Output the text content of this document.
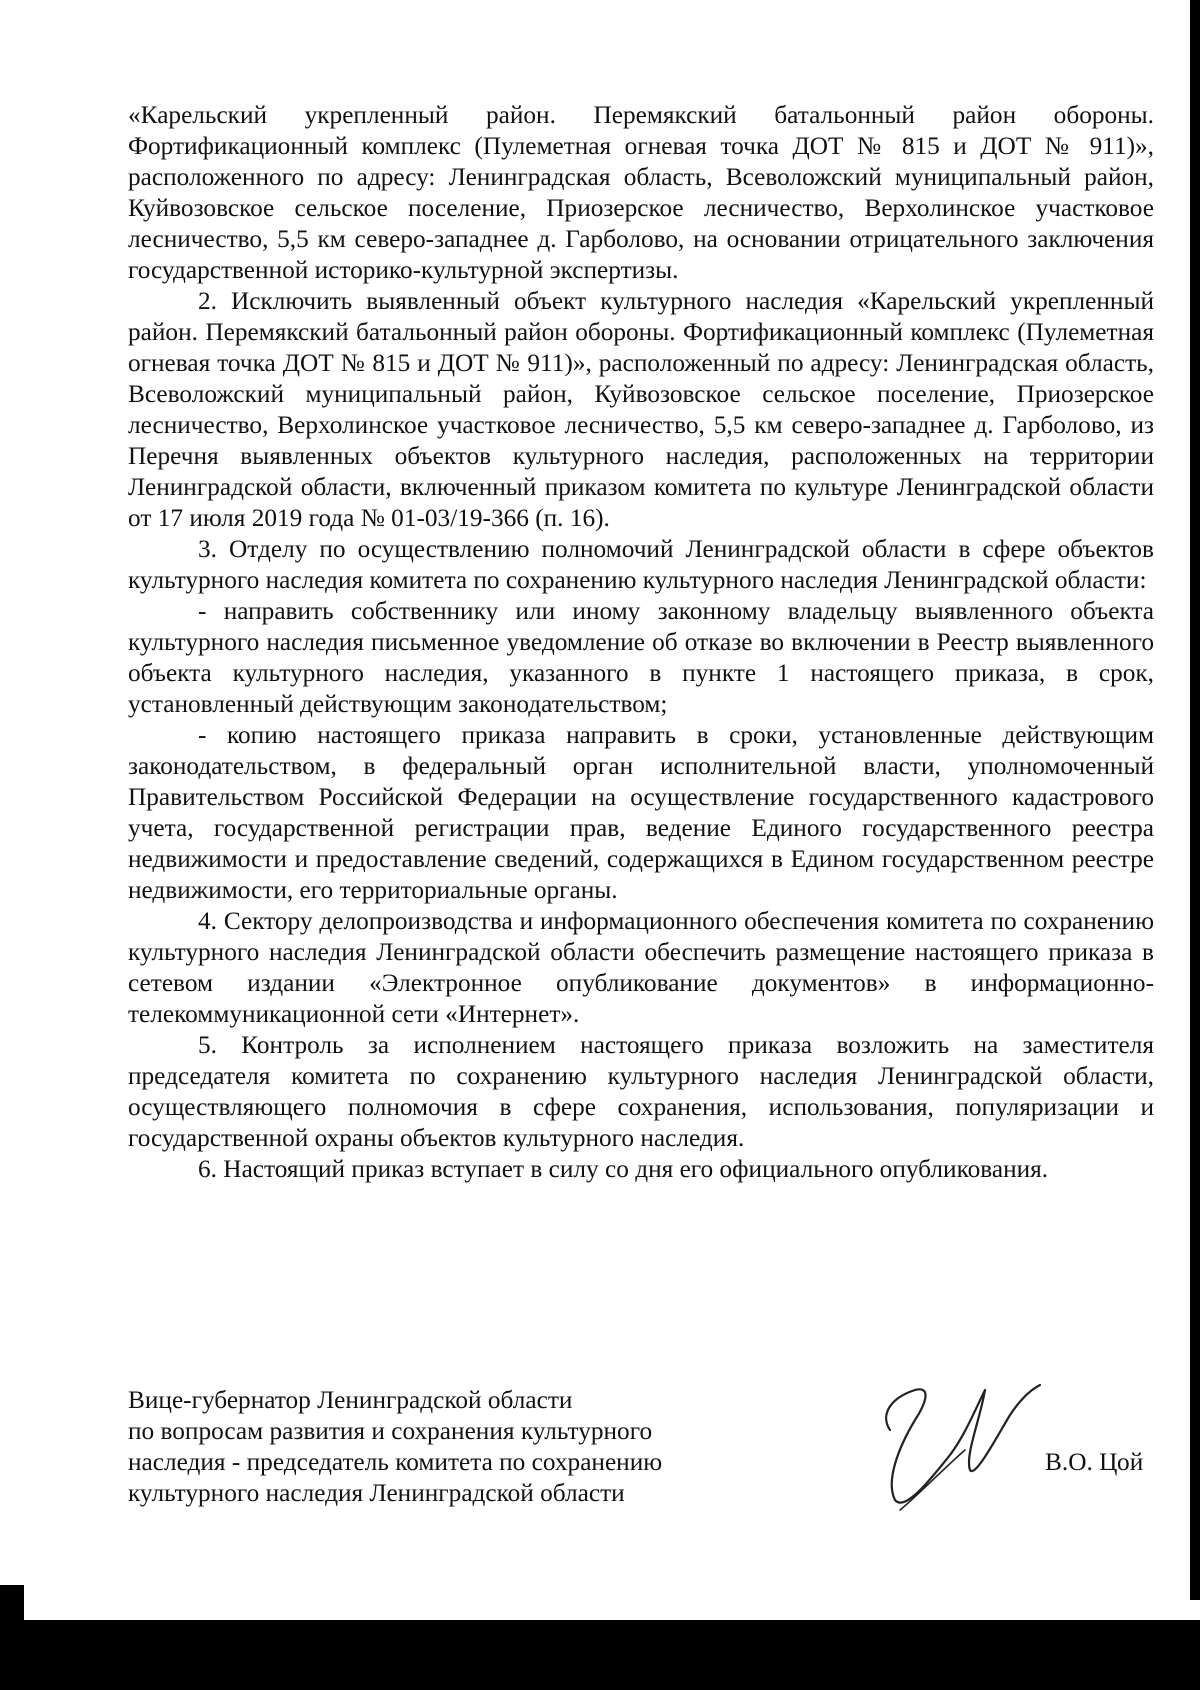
«Карельский укрепленный район. Перемякский батальонный район обороны. Фортификационный комплекс (Пулеметная огневая точка ДОТ № 815 и ДОТ № 911)», расположенного по адресу: Ленинградская область, Всеволожский муниципальный район, Куйвозовское сельское поселение, Приозерское лесничество, Верхолинское участковое лесничество, 5,5 км северо-западнее д. Гарболово, на основании отрицательного заключения государственной историко-культурной экспертизы.

2. Исключить выявленный объект культурного наследия «Карельский укрепленный район. Перемякский батальонный район обороны. Фортификационный комплекс (Пулеметная огневая точка ДОТ № 815 и ДОТ № 911)», расположенный по адресу: Ленинградская область, Всеволожский муниципальный район, Куйвозовское сельское поселение, Приозерское лесничество, Верхолинское участковое лесничество, 5,5 км северо-западнее д. Гарболово, из Перечня выявленных объектов культурного наследия, расположенных на территории Ленинградской области, включенный приказом комитета по культуре Ленинградской области от 17 июля 2019 года № 01-03/19-366 (п. 16).

3. Отделу по осуществлению полномочий Ленинградской области в сфере объектов культурного наследия комитета по сохранению культурного наследия Ленинградской области:

- направить собственнику или иному законному владельцу выявленного объекта культурного наследия письменное уведомление об отказе во включении в Реестр выявленного объекта культурного наследия, указанного в пункте 1 настоящего приказа, в срок, установленный действующим законодательством;

- копию настоящего приказа направить в сроки, установленные действующим законодательством, в федеральный орган исполнительной власти, уполномоченный Правительством Российской Федерации на осуществление государственного кадастрового учета, государственной регистрации прав, ведение Единого государственного реестра недвижимости и предоставление сведений, содержащихся в Едином государственном реестре недвижимости, его территориальные органы.

4. Сектору делопроизводства и информационного обеспечения комитета по сохранению культурного наследия Ленинградской области обеспечить размещение настоящего приказа в сетевом издании «Электронное опубликование документов» в информационно-телекоммуникационной сети «Интернет».

5. Контроль за исполнением настоящего приказа возложить на заместителя председателя комитета по сохранению культурного наследия Ленинградской области, осуществляющего полномочия в сфере сохранения, использования, популяризации и государственной охраны объектов культурного наследия.

6. Настоящий приказ вступает в силу со дня его официального опубликования.

Вице-губернатор Ленинградской области
по вопросам развития и сохранения культурного
наследия - председатель комитета по сохранению
культурного наследия Ленинградской области
В.О. Цой
